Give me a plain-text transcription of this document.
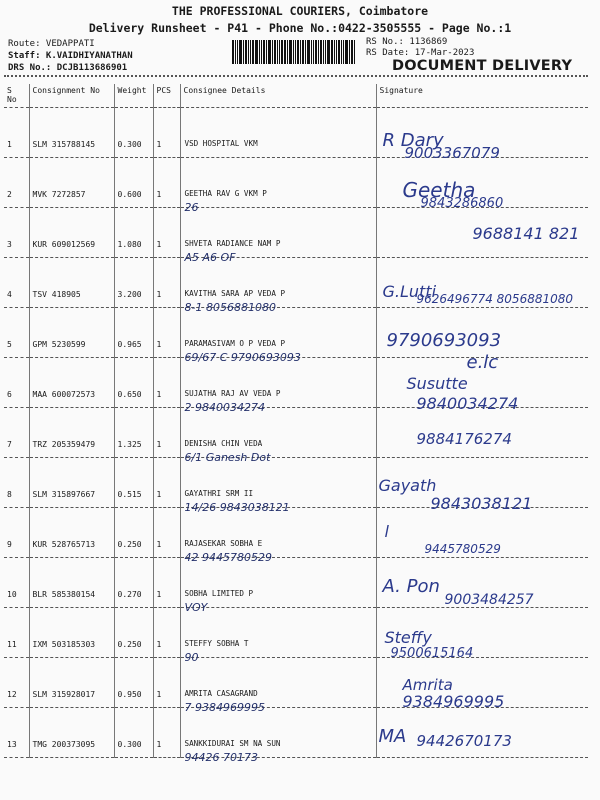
THE PROFESSIONAL COURIERS, Coimbatore
Delivery Runsheet - P41 - Phone No.:0422-3505555 - Page No.:1
Route: VEDAPPATI
Staff: K.VAIDHIYANATHAN
DRS No.: DCJB113686901
RS No.: 1136869
RS Date: 17-Mar-2023
DOCUMENT DELIVERY
S No	Consignment No	Weight	PCS	Consignee Details	Signature

1	SLM 315788145	0.300	1	VSD HOSPITAL VKM	R Dary
9003367079

2	MVK 7272857	0.600	1	GEETHA RAV G VKM P
26	Geetha
9843286860

3	KUR 609012569	1.080	1	SHVETA RADIANCE NAM P
A5 A6 OF	9688141 821

4	TSV 418905	3.200	1	KAVITHA SARA AP VEDA P
8-1 8056881080	G.Lutti
9626496774 8056881080

5	GPM 5230599	0.965	1	PARAMASIVAM O P VEDA P
69/67 C 9790693093	e.lc
9790693093

6	MAA 600072573	0.650	1	SUJATHA RAJ AV VEDA P
2 9840034274	Susutte
9840034274

7	TRZ 205359479	1.325	1	DENISHA CHIN VEDA
6/1 Ganesh Dot	9884176274

8	SLM 315897667	0.515	1	GAYATHRI SRM II
14/26 9843038121	Gayath
9843038121

9	KUR 528765713	0.250	1	RAJASEKAR SOBHA E
42 9445780529	l
9445780529

10	BLR 585380154	0.270	1	SOBHA LIMITED P
VOY	A. Pon
9003484257

11	IXM 503185303	0.250	1	STEFFY SOBHA T
90	Steffy
9500615164

12	SLM 315928017	0.950	1	AMRITA CASAGRAND
7 9384969995	Amrita
9384969995

13	TMG 200373095	0.300	1	SANKKIDURAI SM NA SUN
94426 70173	MA 9442670173
